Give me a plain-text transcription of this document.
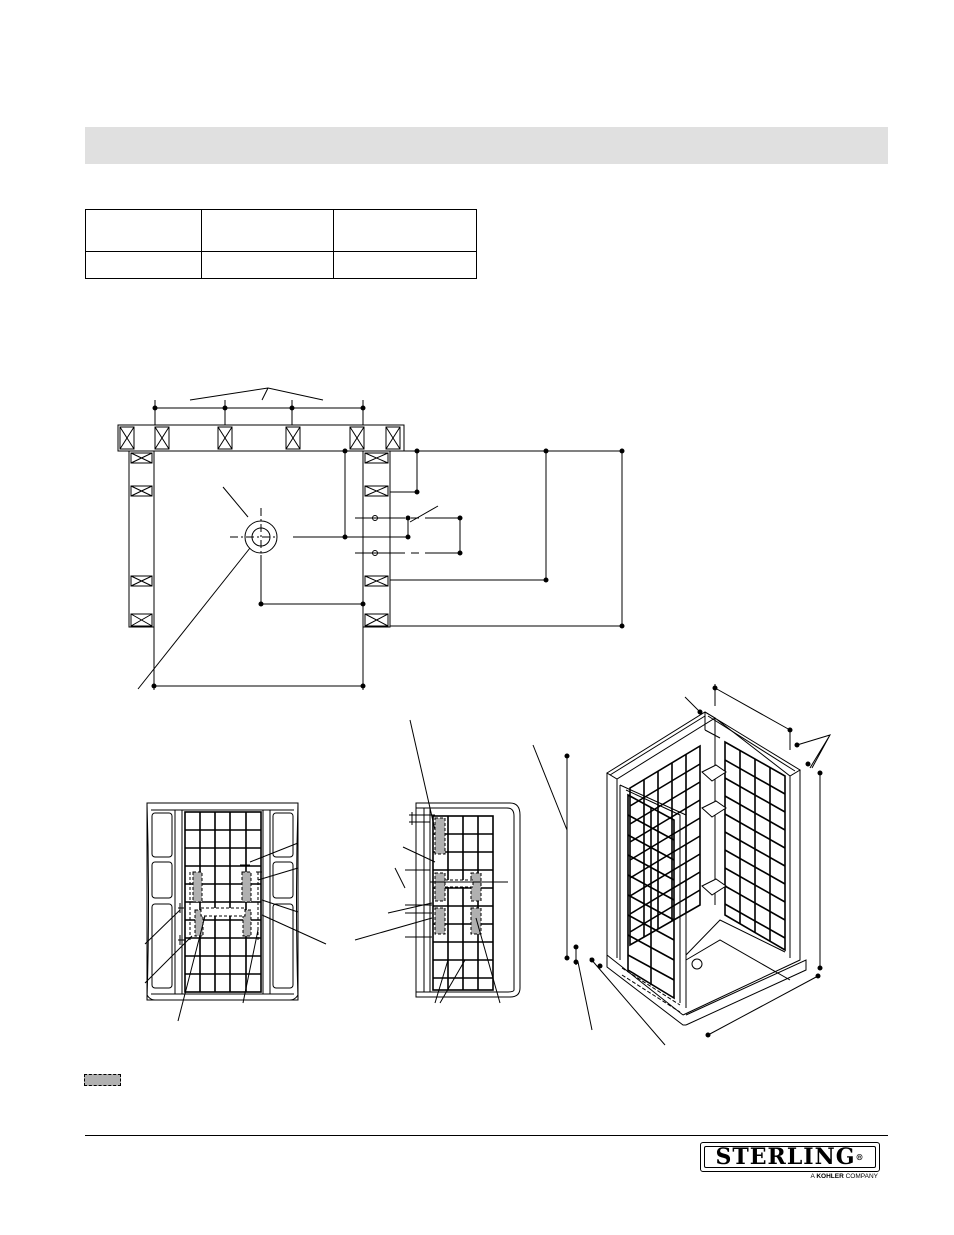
STERLING®
A KOHLER COMPANY
